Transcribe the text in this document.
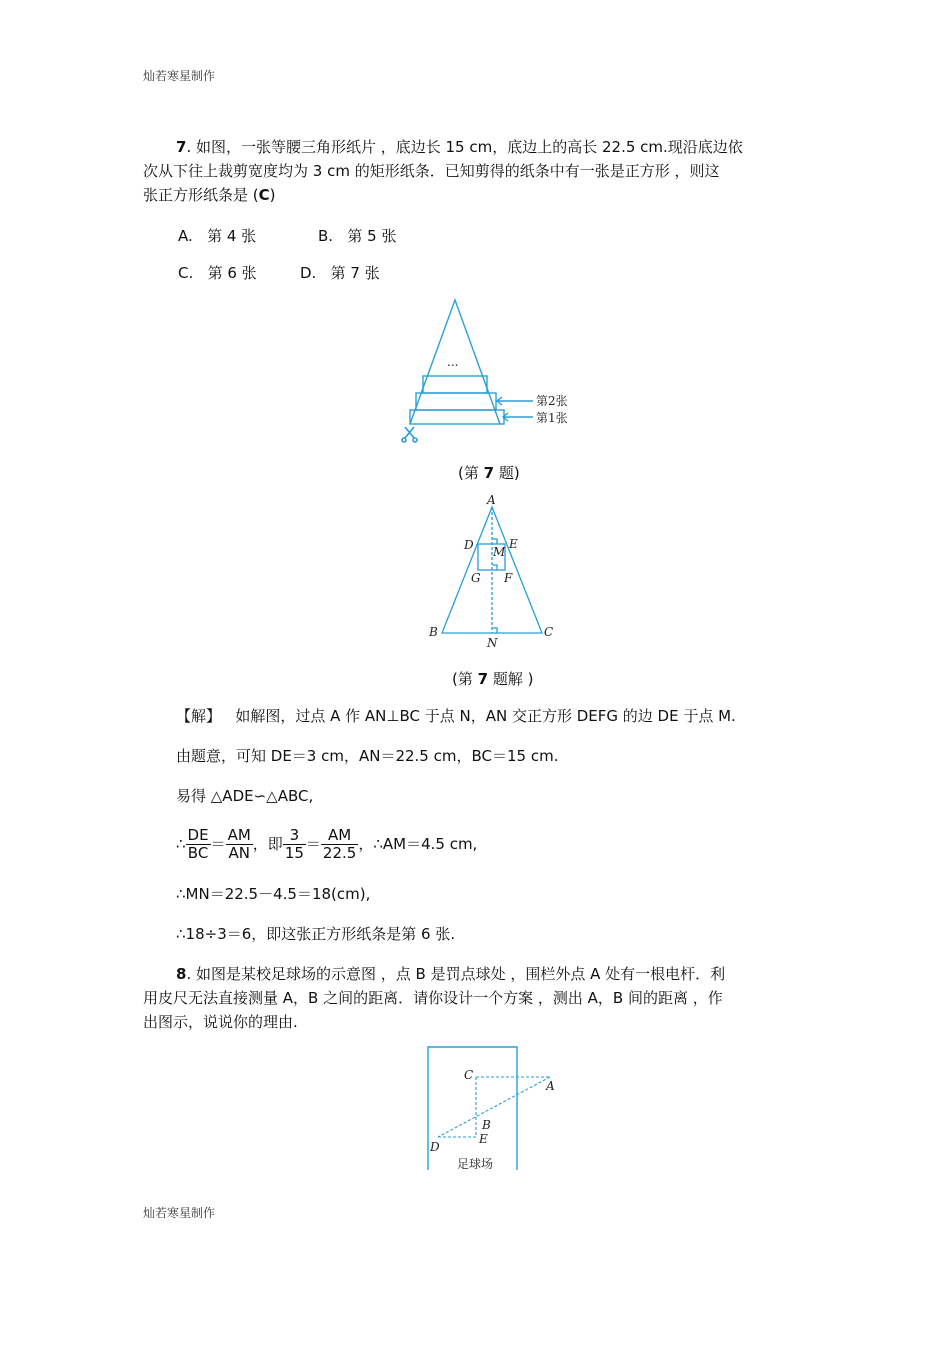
灿若寒星制作
7. 如图，一张等腰三角形纸片 ，底边长 15 cm，底边上的高长 22.5 cm.现沿底边依
次从下往上裁剪宽度均为 3 cm 的矩形纸条．已知剪得的纸条中有一张是正方形 ，则这
张正方形纸条是 (C)
A. 第 4 张	B. 第 5 张
C. 第 6 张	D. 第 7 张
...
第2张
第1张
(第 7 题)
A
D	E
M
G F
B	C
N
(第 7 题解 )
【解】 如解图，过点 A 作 AN⊥BC 于点 N，AN 交正方形 DEFG 的边 DE 于点 M.
由题意，可知 DE＝3 cm，AN＝22.5 cm，BC＝15 cm.
易得 △ADE∽△ABC,
∴ $\frac{DE}{BC} = \frac{AM}{AN}$ ，即 $\frac{3}{15} = \frac{AM}{22.5}$ ，∴AM＝4.5 cm,
∴MN＝22.5－4.5＝18(cm),
∴18÷3＝6，即这张正方形纸条是第 6 张.
8. 如图是某校足球场的示意图 ，点 B 是罚点球处 ，围栏外点 A 处有一根电杆．利
用皮尺无法直接测量 A，B 之间的距离．请你设计一个方案 ，测出 A，B 间的距离 ，作
出图示，说说你的理由.
C
A
B
E
D
足球场
灿若寒星制作
